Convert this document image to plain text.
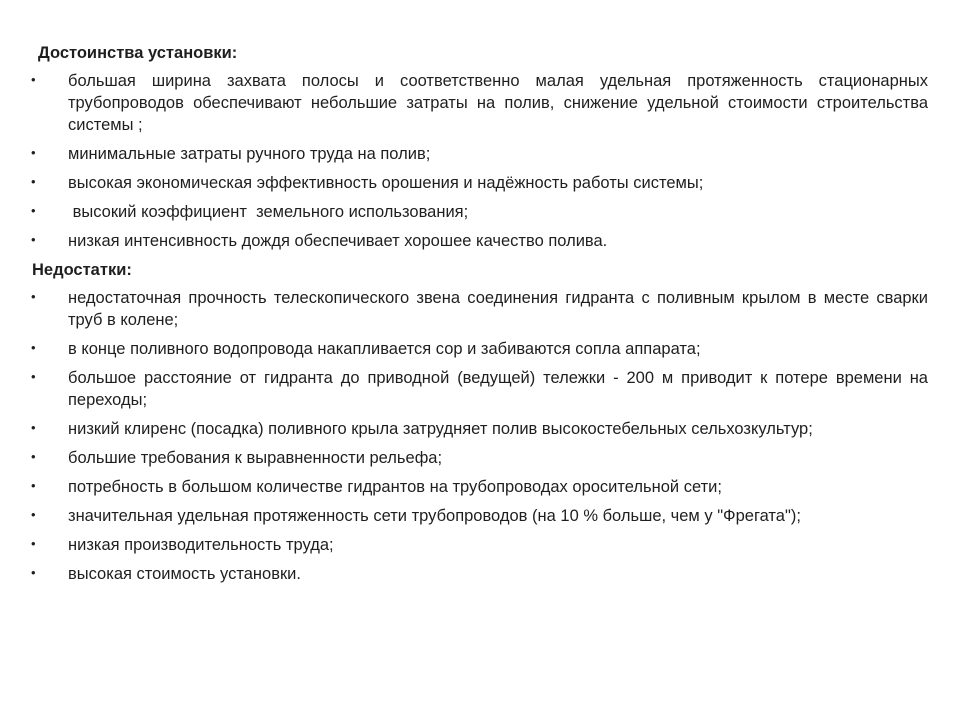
Достоинства установки:
• большая ширина захвата полосы и соответственно малая удельная протяженность стационарных трубопроводов обеспечивают небольшие затраты на полив, снижение удельной стоимости строительства системы ;
• минимальные затраты ручного труда на полив;
• высокая экономическая эффективность орошения и надёжность работы системы;
• высокий коэффициент  земельного использования;
• низкая интенсивность дождя обеспечивает хорошее качество полива.
Недостатки:
• недостаточная прочность телескопического звена соединения гидранта с поливным крылом в месте сварки труб в колене;
• в конце поливного водопровода накапливается сор и забиваются сопла аппарата;
• большое расстояние от гидранта до приводной (ведущей) тележки - 200 м приводит к потере времени на переходы;
• низкий клиренс (посадка) поливного крыла затрудняет полив высокостебельных сельхозкультур;
• большие требования к выравненности рельефа;
• потребность в большом количестве гидрантов на трубопроводах оросительной сети;
• значительная удельная протяженность сети трубопроводов (на 10 % больше, чем у "Фрегата");
• низкая производительность труда;
• высокая стоимость установки.
